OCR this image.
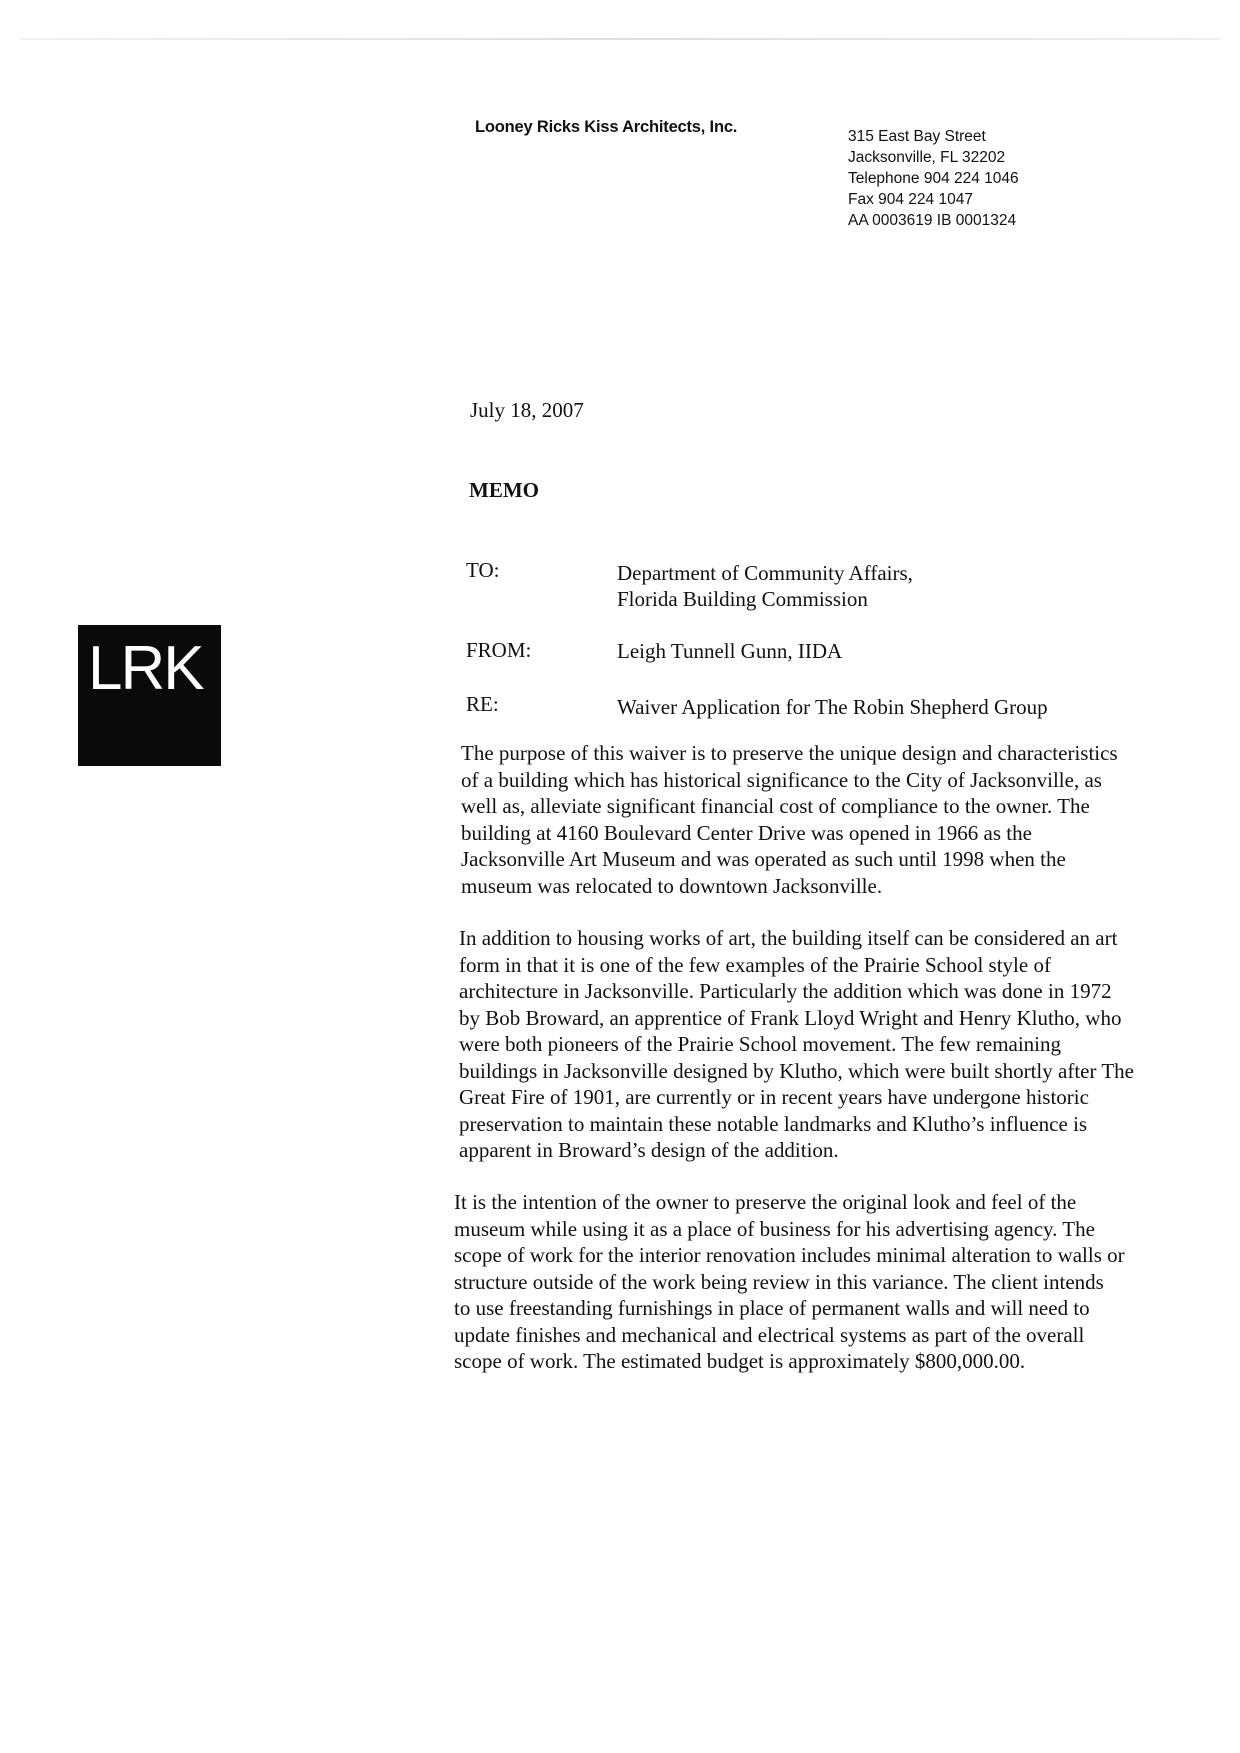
Looney Ricks Kiss Architects, Inc.
315 East Bay Street
Jacksonville, FL 32202
Telephone 904 224 1046
Fax 904 224 1047
AA 0003619 IB 0001324
LRK
July 18, 2007
MEMO
TO:	Department of Community Affairs,
Florida Building Commission
FROM:	Leigh Tunnell Gunn, IIDA
RE:	Waiver Application for The Robin Shepherd Group
The purpose of this waiver is to preserve the unique design and characteristics
of a building which has historical significance to the City of Jacksonville, as
well as, alleviate significant financial cost of compliance to the owner. The
building at 4160 Boulevard Center Drive was opened in 1966 as the
Jacksonville Art Museum and was operated as such until 1998 when the
museum was relocated to downtown Jacksonville.
In addition to housing works of art, the building itself can be considered an art
form in that it is one of the few examples of the Prairie School style of
architecture in Jacksonville. Particularly the addition which was done in 1972
by Bob Broward, an apprentice of Frank Lloyd Wright and Henry Klutho, who
were both pioneers of the Prairie School movement. The few remaining
buildings in Jacksonville designed by Klutho, which were built shortly after The
Great Fire of 1901, are currently or in recent years have undergone historic
preservation to maintain these notable landmarks and Klutho’s influence is
apparent in Broward’s design of the addition.
It is the intention of the owner to preserve the original look and feel of the
museum while using it as a place of business for his advertising agency. The
scope of work for the interior renovation includes minimal alteration to walls or
structure outside of the work being review in this variance. The client intends
to use freestanding furnishings in place of permanent walls and will need to
update finishes and mechanical and electrical systems as part of the overall
scope of work. The estimated budget is approximately $800,000.00.
